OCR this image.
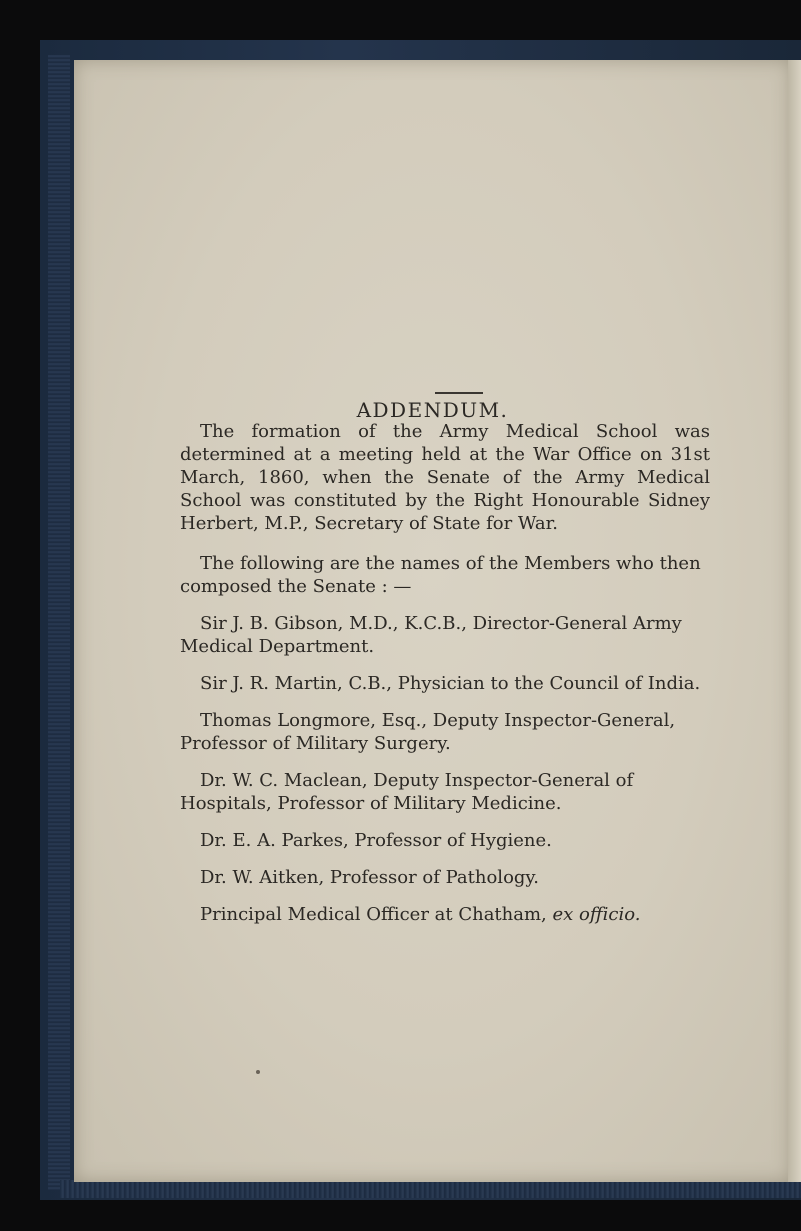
ADDENDUM.

The formation of the Army Medical School was determined at a meeting held at the War Office on 31st March, 1860, when the Senate of the Army Medical School was constituted by the Right Honourable Sidney Herbert, M.P., Secretary of State for War.

The following are the names of the Members who then composed the Senate : —

Sir J. B. Gibson, M.D., K.C.B., Director-General Army Medical Department.

Sir J. R. Martin, C.B., Physician to the Council of India.

Thomas Longmore, Esq., Deputy Inspector-General, Professor of Military Surgery.

Dr. W. C. Maclean, Deputy Inspector-General of Hospitals, Professor of Military Medicine.

Dr. E. A. Parkes, Professor of Hygiene.

Dr. W. Aitken, Professor of Pathology.

Principal Medical Officer at Chatham, ex officio.
